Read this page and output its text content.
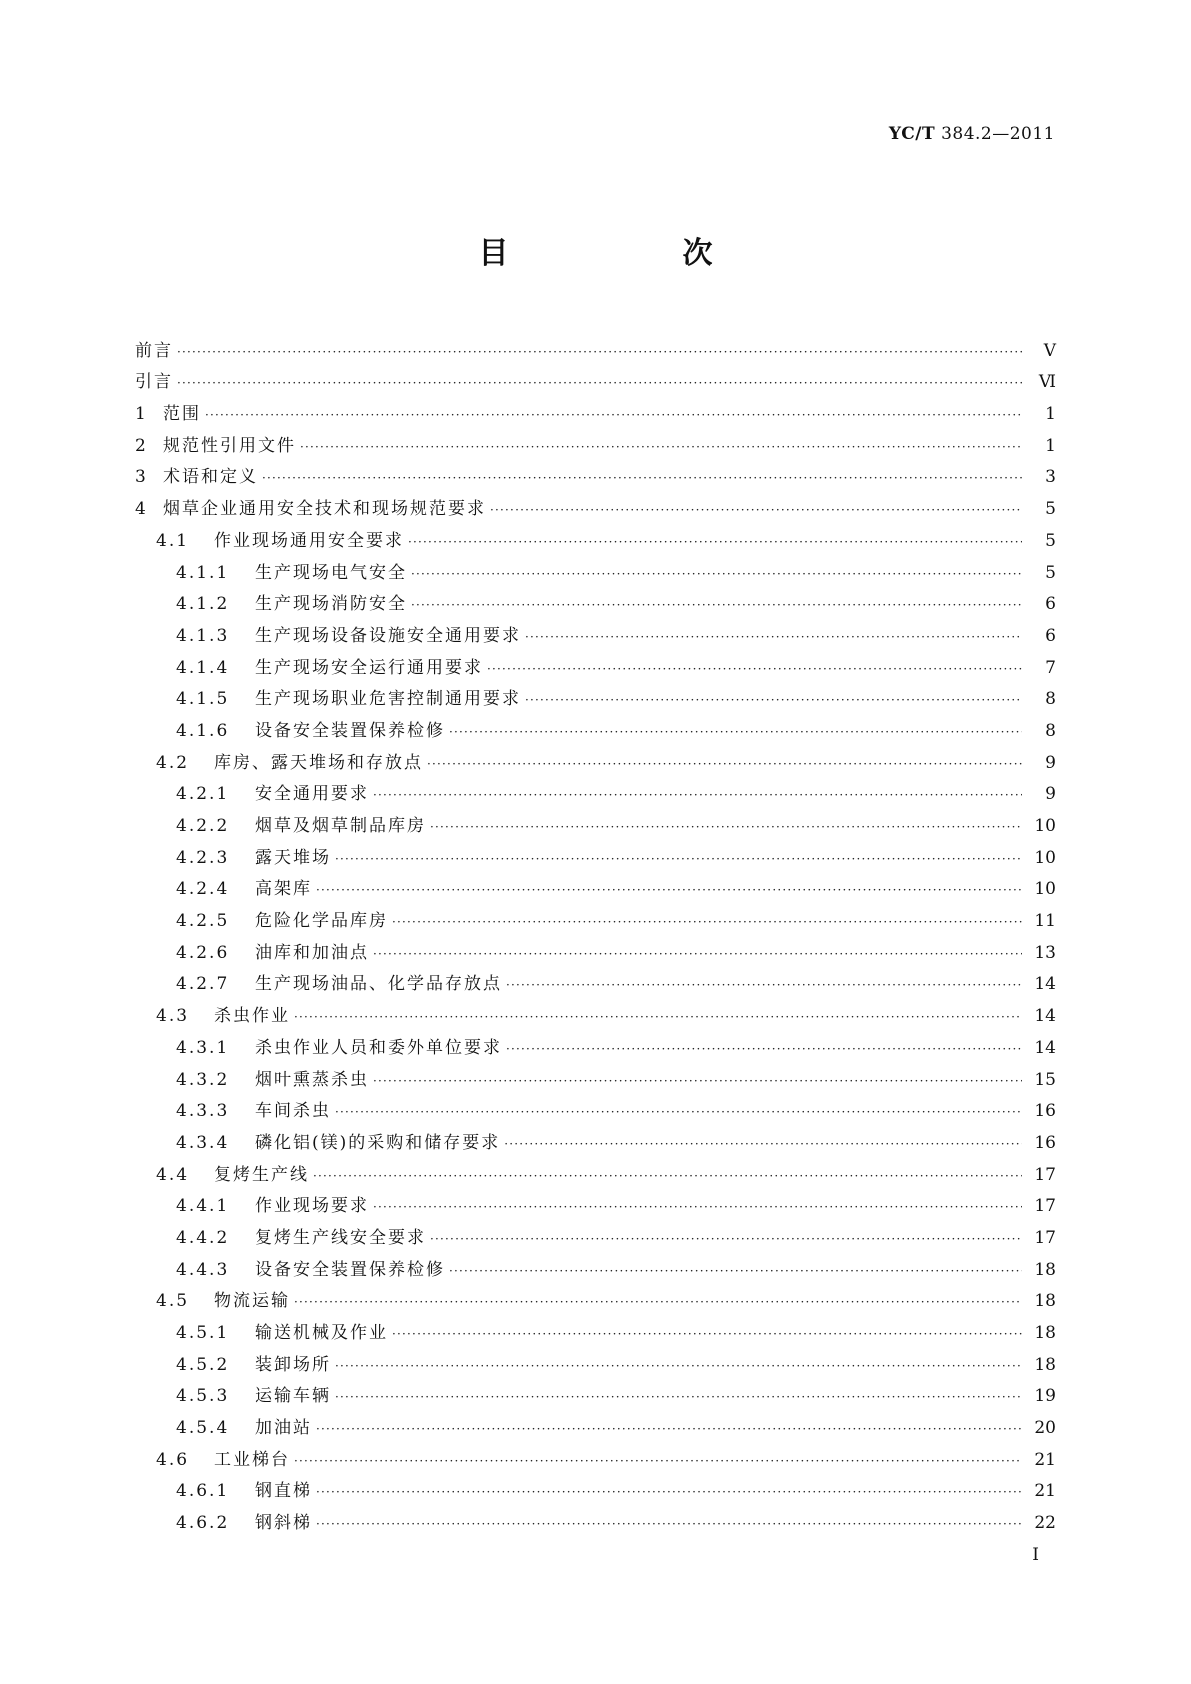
YC/T 384.2—2011
目　次
前言 ·····	Ⅴ
引言 ·····	Ⅵ
1 范围 ·····	1
2 规范性引用文件 ·····	1
3 术语和定义 ·····	3
4 烟草企业通用安全技术和现场规范要求 ·····	5
4.1	作业现场通用安全要求 ·····	5
4.1.1	生产现场电气安全 ·····	5
4.1.2	生产现场消防安全 ·····	6
4.1.3	生产现场设备设施安全通用要求 ·····	6
4.1.4	生产现场安全运行通用要求 ·····	7
4.1.5	生产现场职业危害控制通用要求 ·····	8
4.1.6	设备安全装置保养检修 ·····	8
4.2	库房、露天堆场和存放点 ·····	9
4.2.1	安全通用要求 ·····	9
4.2.2	烟草及烟草制品库房 ·····	10
4.2.3	露天堆场 ·····	10
4.2.4	高架库 ·····	10
4.2.5	危险化学品库房 ·····	11
4.2.6	油库和加油点 ·····	13
4.2.7	生产现场油品、化学品存放点 ·····	14
4.3	杀虫作业 ·····	14
4.3.1	杀虫作业人员和委外单位要求 ·····	14
4.3.2	烟叶熏蒸杀虫 ·····	15
4.3.3	车间杀虫 ·····	16
4.3.4	磷化铝(镁)的采购和储存要求 ·····	16
4.4	复烤生产线 ·····	17
4.4.1	作业现场要求 ·····	17
4.4.2	复烤生产线安全要求 ·····	17
4.4.3	设备安全装置保养检修 ·····	18
4.5	物流运输 ·····	18
4.5.1	输送机械及作业 ·····	18
4.5.2	装卸场所 ·····	18
4.5.3	运输车辆 ·····	19
4.5.4	加油站 ·····	20
4.6	工业梯台 ·····	21
4.6.1	钢直梯 ·····	21
4.6.2	钢斜梯 ·····	22
Ⅰ
